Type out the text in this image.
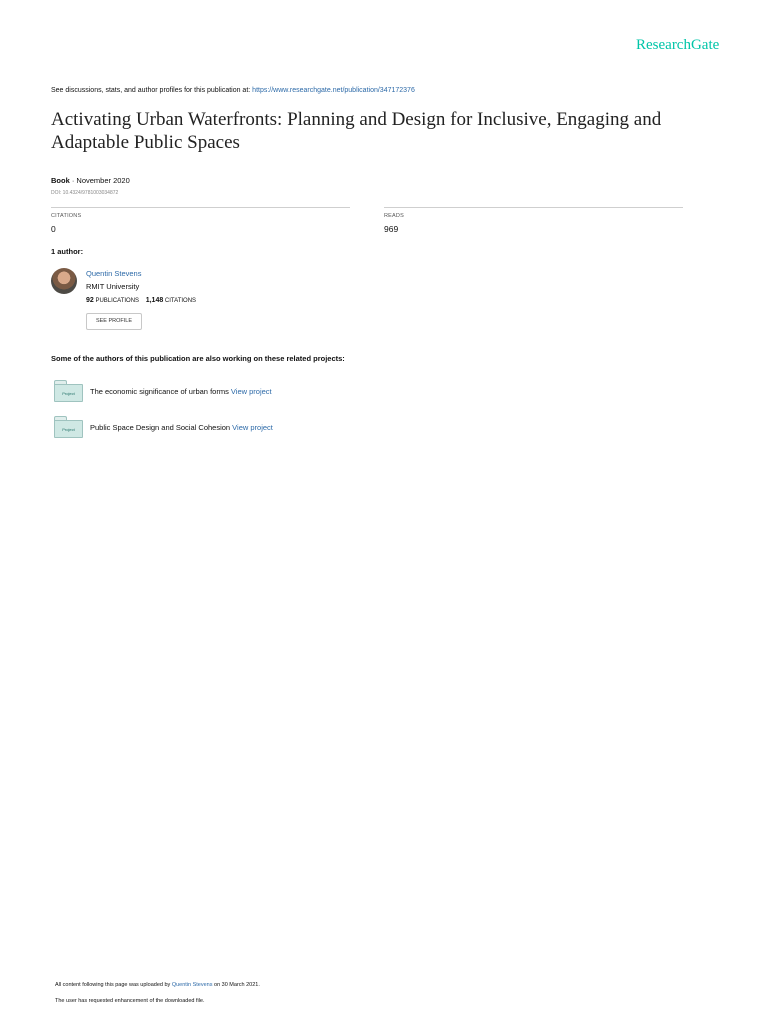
ResearchGate
See discussions, stats, and author profiles for this publication at: https://www.researchgate.net/publication/347172376
Activating Urban Waterfronts: Planning and Design for Inclusive, Engaging and Adaptable Public Spaces
Book · November 2020
DOI: 10.4324/9781003034872
CITATIONS
0
READS
969
1 author:
Quentin Stevens
RMIT University
92 PUBLICATIONS 1,148 CITATIONS
SEE PROFILE
Some of the authors of this publication are also working on these related projects:
Project	The economic significance of urban forms View project
Project	Public Space Design and Social Cohesion View project
All content following this page was uploaded by Quentin Stevens on 30 March 2021.
The user has requested enhancement of the downloaded file.
